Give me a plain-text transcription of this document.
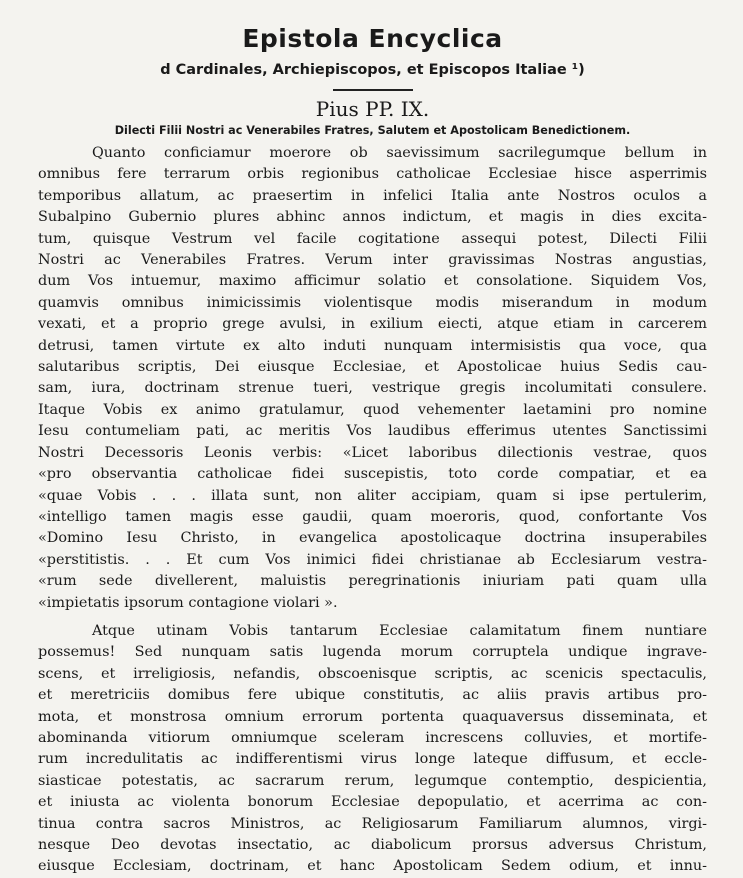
Epistola Encyclica
d Cardinales, Archiepiscopos, et Episcopos Italiae ¹)
Pius PP. IX.
Dilecti Filii Nostri ac Venerabiles Fratres, Salutem et Apostolicam Benedictionem.
Quanto conficiamur moerore ob saevissimum sacrilegumque bellum in
omnibus fere terrarum orbis regionibus catholicae Ecclesiae hisce asperrimis
temporibus allatum, ac praesertim in infelici Italia ante Nostros oculos a
Subalpino Gubernio plures abhinc annos indictum, et magis in dies excita-
tum, quisque Vestrum vel facile cogitatione assequi potest, Dilecti Filii
Nostri ac Venerabiles Fratres. Verum inter gravissimas Nostras angustias,
dum Vos intuemur, maximo afficimur solatio et consolatione. Siquidem Vos,
quamvis omnibus inimicissimis violentisque modis miserandum in modum
vexati, et a proprio grege avulsi, in exilium eiecti, atque etiam in carcerem
detrusi, tamen virtute ex alto induti nunquam intermisistis qua voce, qua
salutaribus scriptis, Dei eiusque Ecclesiae, et Apostolicae huius Sedis cau-
sam, iura, doctrinam strenue tueri, vestrique gregis incolumitati consulere.
Itaque Vobis ex animo gratulamur, quod vehementer laetamini pro nomine
Iesu contumeliam pati, ac meritis Vos laudibus efferimus utentes Sanctissimi
Nostri Decessoris Leonis verbis: «Licet laboribus dilectionis vestrae, quos
«pro observantia catholicae fidei suscepistis, toto corde compatiar, et ea
«quae Vobis . . . illata sunt, non aliter accipiam, quam si ipse pertulerim,
«intelligo tamen magis esse gaudii, quam moeroris, quod, confortante Vos
«Domino Iesu Christo, in evangelica apostolicaque doctrina insuperabiles
«perstitistis. . . Et cum Vos inimici fidei christianae ab Ecclesiarum vestra-
«rum sede divellerent, maluistis peregrinationis iniuriam pati quam ulla
«impietatis ipsorum contagione violari ».
Atque utinam Vobis tantarum Ecclesiae calamitatum finem nuntiare
possemus! Sed nunquam satis lugenda morum corruptela undique ingrave-
scens, et irreligiosis, nefandis, obscoenisque scriptis, ac scenicis spectaculis,
et meretriciis domibus fere ubique constitutis, ac aliis pravis artibus pro-
mota, et monstrosa omnium errorum portenta quaquaversus disseminata, et
abominanda vitiorum omniumque sceleram increscens colluvies, et mortife-
rum incredulitatis ac indifferentismi virus longe lateque diffusum, et eccle-
siasticae potestatis, ac sacrarum rerum, legumque contemptio, despicientia,
et iniusta ac violenta bonorum Ecclesiae depopulatio, et acerrima ac con-
tinua contra sacros Ministros, ac Religiosarum Familiarum alumnos, virgi-
nesque Deo devotas insectatio, ac diabolicum prorsus adversus Christum,
eiusque Ecclesiam, doctrinam, et hanc Apostolicam Sedem odium, et innu-
